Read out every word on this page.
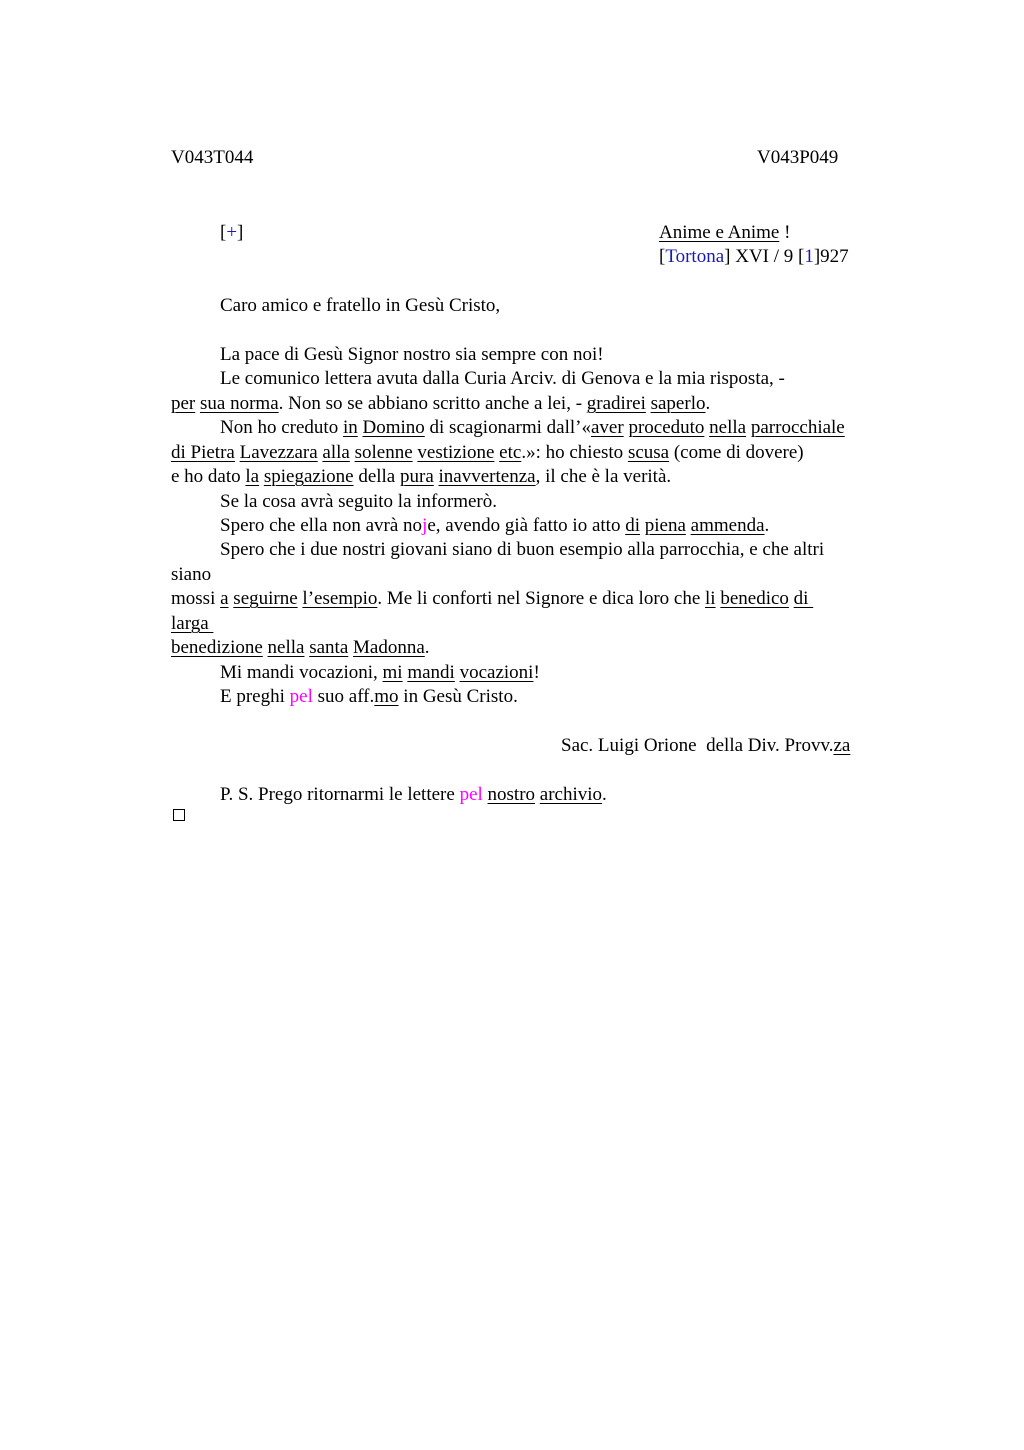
V043T044	V043P049
[+]	Anime e Anime !
[Tortona] XVI / 9 [1]927
Caro amico e fratello in Gesù Cristo,
La pace di Gesù Signor nostro sia sempre con noi!
Le comunico lettera avuta dalla Curia Arciv. di Genova e la mia risposta, -
per sua norma. Non so se abbiano scritto anche a lei, - gradirei saperlo.
Non ho creduto in Domino di scagionarmi dall’«aver proceduto nella parrocchiale
di Pietra Lavezzara alla solenne vestizione etc.»: ho chiesto scusa (come di dovere)
e ho dato la spiegazione della pura inavvertenza, il che è la verità.
Se la cosa avrà seguito la informerò.
Spero che ella non avrà noje, avendo già fatto io atto di piena ammenda.
Spero che i due nostri giovani siano di buon esempio alla parrocchia, e che altri
siano
mossi a seguirne l’esempio. Me li conforti nel Signore e dica loro che li benedico di
larga
benedizione nella santa Madonna.
Mi mandi vocazioni, mi mandi vocazioni!
E preghi pel suo aff.mo in Gesù Cristo.
Sac. Luigi Orione  della Div. Provv.za
P. S. Prego ritornarmi le lettere pel nostro archivio.
